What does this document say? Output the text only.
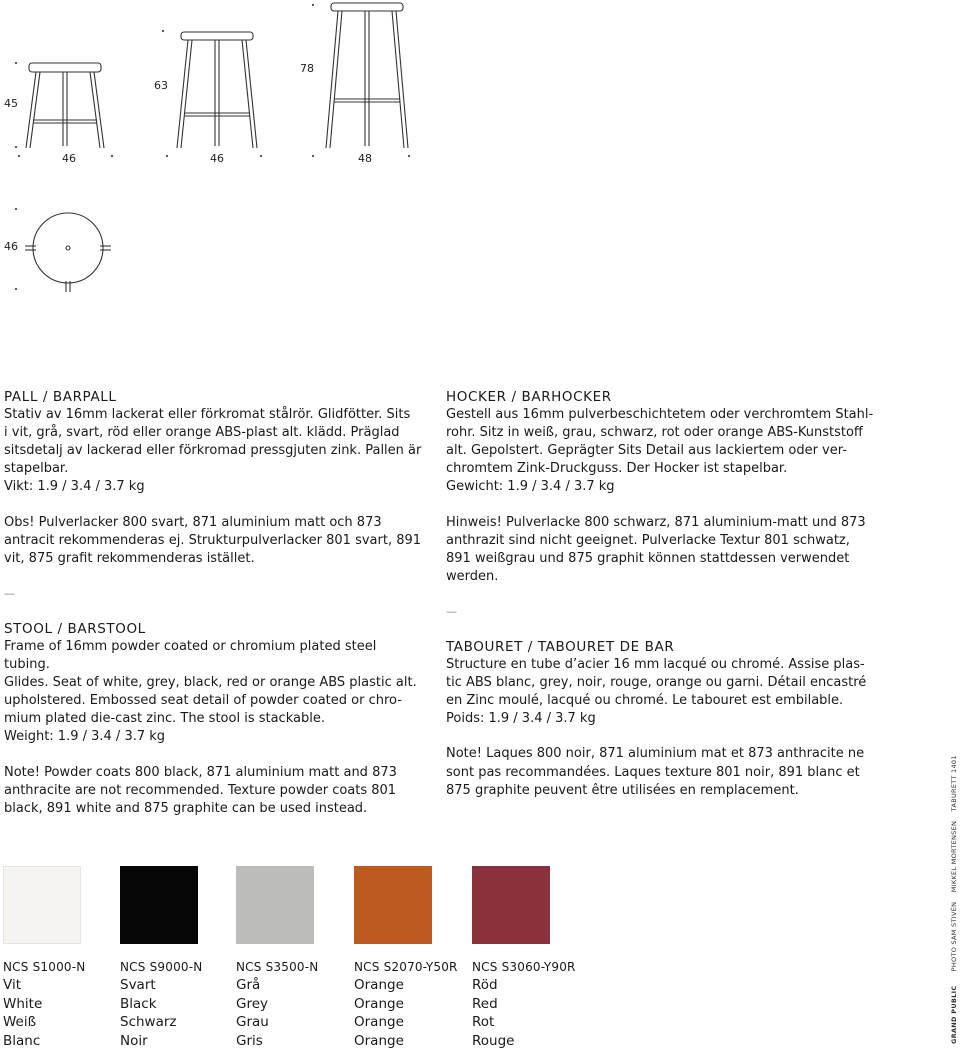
45
63
78
46	46	48
46

PALL / BARPALL

Stativ av 16mm lackerat eller förkromat stålrör. Glidfötter. Sits

i vit, grå, svart, röd eller orange ABS-plast alt. klädd. Präglad

sitsdetalj av lackerad eller förkromad pressgjuten zink. Pallen är

stapelbar.

Vikt: 1.9 / 3.4 / 3.7 kg

Obs! Pulverlacker 800 svart, 871 aluminium matt och 873

antracit rekommenderas ej. Strukturpulverlacker 801 svart, 891

vit, 875 grafit rekommenderas istället.

—

STOOL / BARSTOOL

Frame of 16mm powder coated or chromium plated steel tubing.

Glides. Seat of white, grey, black, red or orange ABS plastic alt.

upholstered. Embossed seat detail of powder coated or chro-

mium plated die-cast zinc. The stool is stackable.

Weight: 1.9 / 3.4 / 3.7 kg

Note! Powder coats 800 black, 871 aluminium matt and 873

anthracite are not recommended. Texture powder coats 801

black, 891 white and 875 graphite can be used instead.

HOCKER / BARHOCKER

Gestell aus 16mm pulverbeschichtetem oder verchromtem Stahl-

rohr. Sitz in weiß, grau, schwarz, rot oder orange ABS-Kunststoff

alt. Gepolstert. Geprägter Sits Detail aus lackiertem oder ver-

chromtem Zink-Druckguss. Der Hocker ist stapelbar.

Gewicht: 1.9 / 3.4 / 3.7 kg

Hinweis! Pulverlacke 800 schwarz, 871 aluminium-matt und 873

anthrazit sind nicht geeignet. Pulverlacke Textur 801 schwatz,

891 weißgrau und 875 graphit können stattdessen verwendet

werden.

—

TABOURET / TABOURET DE BAR

Structure en tube d’acier 16 mm lacqué ou chromé. Assise plas-

tic ABS blanc, grey, noir, rouge, orange ou garni. Détail encastré

en Zinc moulé, lacqué ou chromé. Le tabouret est embilable.

Poids: 1.9 / 3.4 / 3.7 kg

Note! Laques 800 noir, 871 aluminium mat et 873 anthracite ne

sont pas recommandées. Laques texture 801 noir, 891 blanc et

875 graphite peuvent être utilisées en remplacement.

NCS S1000-N
Vit
White
Weiß
Blanc
NCS S9000-N
Svart
Black
Schwarz
Noir
NCS S3500-N
Grå
Grey
Grau
Gris
NCS S2070-Y50R
Orange
Orange
Orange
Orange
NCS S3060-Y90R
Röd
Red
Rot
Rouge	GRAND PUBLIC      PHOTO SAM STIVÉN    MIKKEL MORTENSEN    TABURETT 1401
